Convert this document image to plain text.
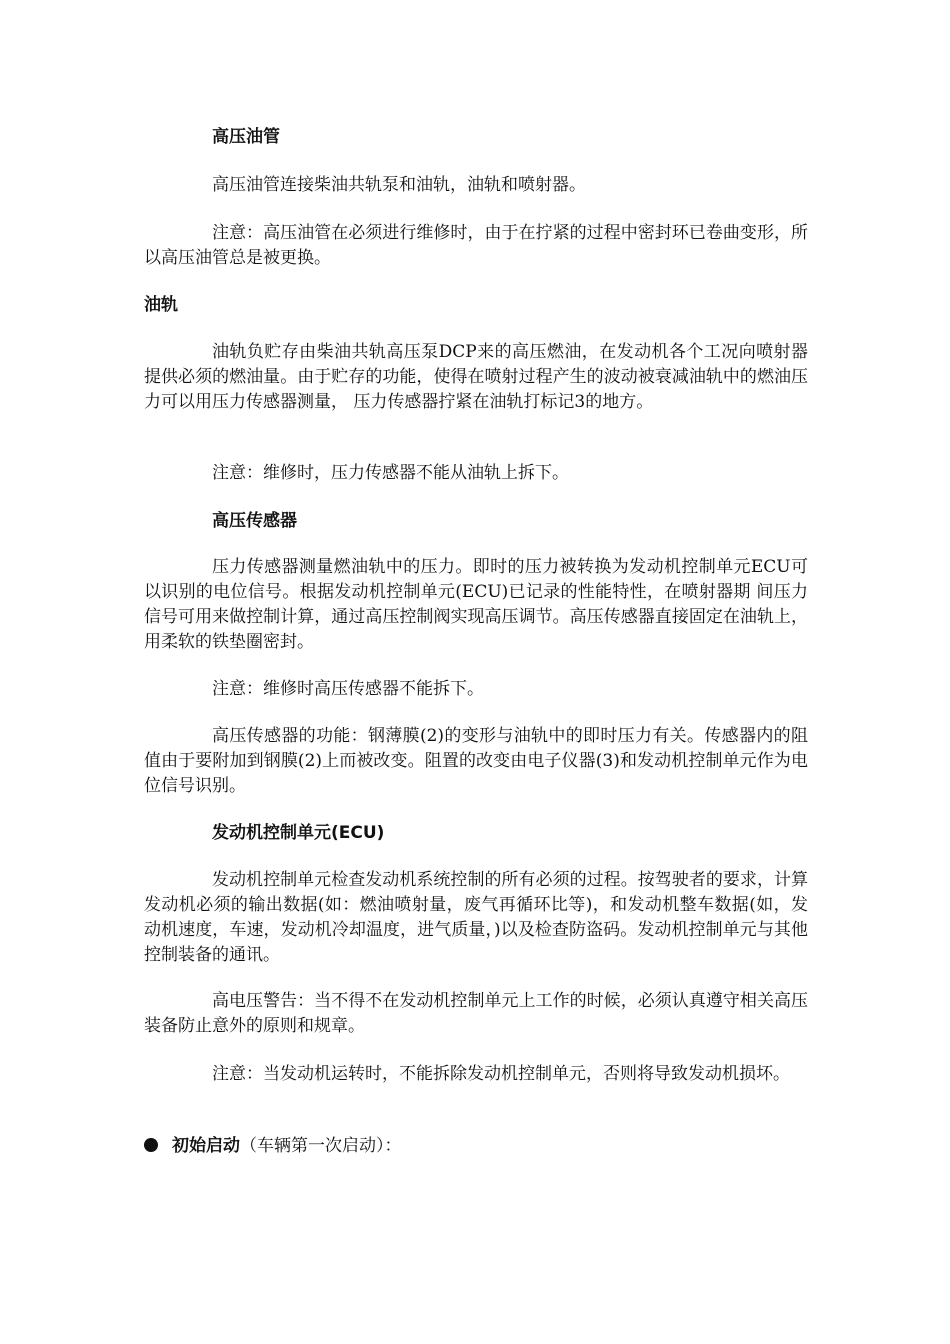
高压油管

高压油管连接柴油共轨泵和油轨，油轨和喷射器。

注意：高压油管在必须进行维修时，由于在拧紧的过程中密封环已卷曲变形，所以高压油管总是被更换。

油轨

油轨负贮存由柴油共轨高压泵DCP来的高压燃油，在发动机各个工况向喷射器提供必须的燃油量。由于贮存的功能，使得在喷射过程产生的波动被衰减油轨中的燃油压力可以用压力传感器测量， 压力传感器拧紧在油轨打标记3的地方。

注意：维修时，压力传感器不能从油轨上拆下。

高压传感器

压力传感器测量燃油轨中的压力。即时的压力被转换为发动机控制单元ECU可以识别的电位信号。根据发动机控制单元(ECU)已记录的性能特性，在喷射器期 间压力信号可用来做控制计算，通过高压控制阀实现高压调节。高压传感器直接固定在油轨上，用柔软的铁垫圈密封。

注意：维修时高压传感器不能拆下。

高压传感器的功能：钢薄膜(2)的变形与油轨中的即时压力有关。传感器内的阻值由于要附加到钢膜(2)上而被改变。阻置的改变由电子仪器(3)和发动机控制单元作为电位信号识别。

发动机控制单元(ECU)

发动机控制单元检查发动机系统控制的所有必须的过程。按驾驶者的要求，计算发动机必须的输出数据(如：燃油喷射量，废气再循环比等)，和发动机整车数据(如，发动机速度，车速，发动机冷却温度，进气质量，)以及检查防盗码。发动机控制单元与其他控制装备的通讯。

高电压警告：当不得不在发动机控制单元上工作的时候，必须认真遵守相关高压装备防止意外的原则和规章。

注意：当发动机运转时，不能拆除发动机控制单元，否则将导致发动机损坏。

初始启动（车辆第一次启动）：
